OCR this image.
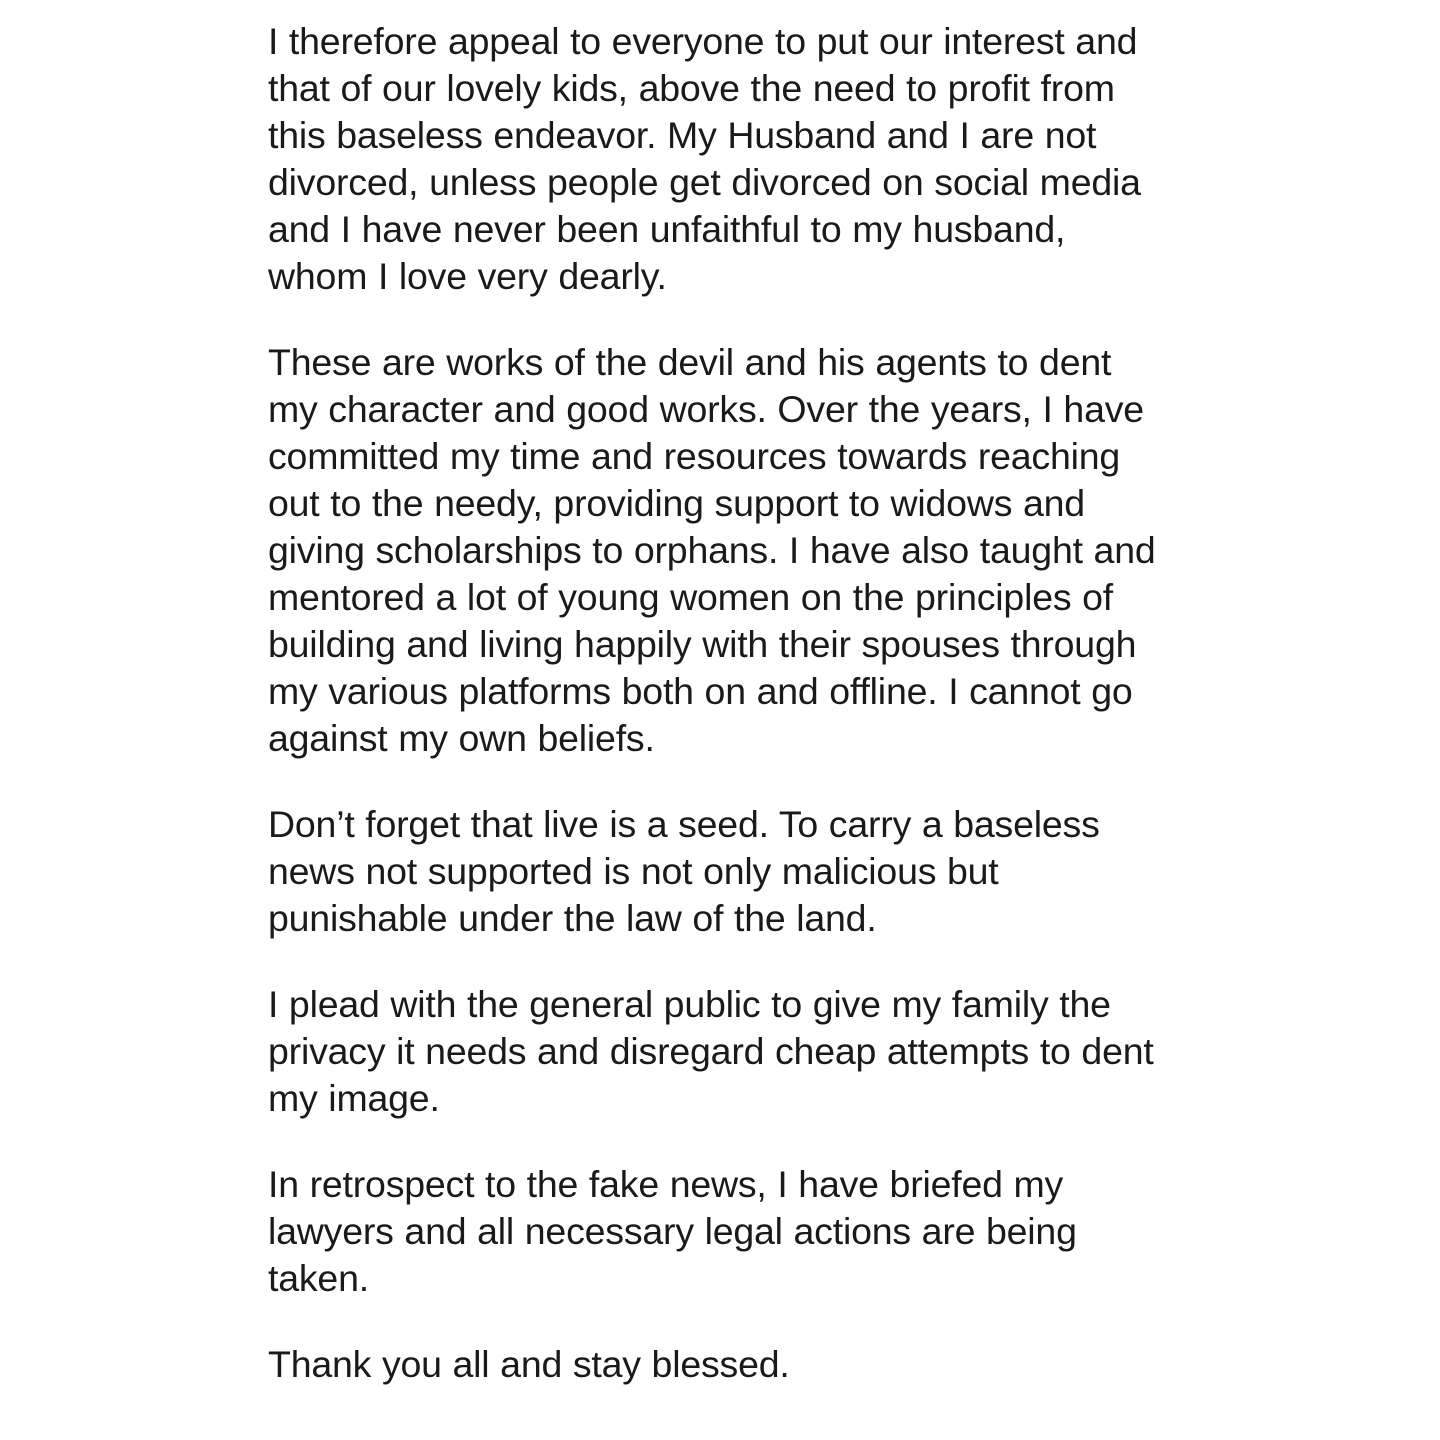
I therefore appeal to everyone to put our interest and that of our lovely kids, above the need to profit from this baseless endeavor. My Husband and I are not divorced, unless people get divorced on social media and I have never been unfaithful to my husband, whom I love very dearly.

These are works of the devil and his agents to dent my character and good works. Over the years, I have committed my time and resources towards reaching out to the needy, providing support to widows and giving scholarships to orphans. I have also taught and mentored a lot of young women on the principles of building and living happily with their spouses through my various platforms both on and offline. I cannot go against my own beliefs.

Don’t forget that live is a seed. To carry a baseless news not supported is not only malicious but punishable under the law of the land.

I plead with the general public to give my family the privacy it needs and disregard cheap attempts to dent my image.

In retrospect to the fake news, I have briefed my lawyers and all necessary legal actions are being taken.

Thank you all and stay blessed.
